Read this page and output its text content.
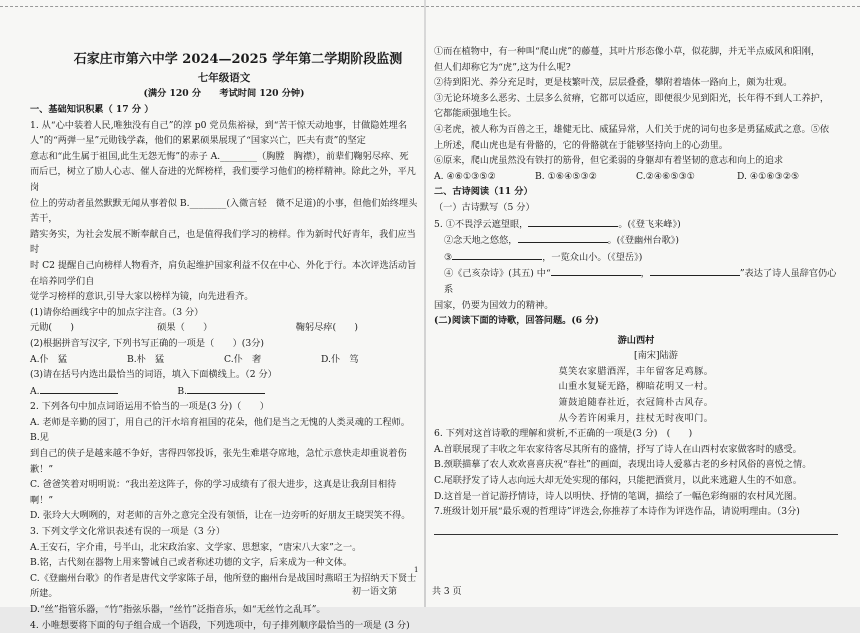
石家庄市第六中学 2024—2025 学年第二学期阶段监测
七年级语文
(满分 120 分　　考试时间 120 分钟)

一、基础知识积累（ 17 分 ）

1. 从“心中装着人民,唯独没有自己”的淳 p0 党员焦裕禄，到“苦干惊天动地事，甘做隐姓埋名

人”的“两弹一星”元勋钱学森，他们的累累硕果展现了“国家兴亡，匹夫有责”的坚定

意志和“此生属于祖国,此生无怨无悔”的赤子 A.________（胸膛　胸襟），前辈们鞠躬尽瘁、死

而后已，树立了励人心志、催人奋进的光辉榜样，我们要学习他们的榜样精神。除此之外，平凡岗

位上的劳动者虽然默默无闻从事着似 B.________(入微言轻　微不足道)的小事，但他们始终埋头苦干，

踏实务实，为社会发展不断奉献自己，也是值得我们学习的榜样。作为新时代好青年，我们应当时

时 C2 提醒自己向榜样人物看齐，肩负起维护国家利益不仅在中心、外化于行。本次评选活动旨在培养同学们自

觉学习榜样的意识,引导大家以榜样为镜，向先进看齐。

(1)请你给画线字中的加点字注音。（3 分）

元勋(　　)	硕果（　　）	鞠躬尽瘁(　　)

(2)根据拼音写汉字, 下列书写正确的一项是（　　）(3分)

A.仆　猛	B.朴　猛	C.仆　奢	D.仆　笃

(3)请在括号内选出最恰当的词语，填入下面横线上。（2 分）

A.	B.

2. 下列各句中加点词语运用不恰当的一项是(3 分)（　　）

A. 老师是辛勤的园丁，用自己的汗水培育祖国的花朵，他们是当之无愧的人类灵魂的工程师。B.见

到自己的侠子是越来越不争好，害得四邻投诉，张先生难堪夺席地，急忙示意快走却重说着伤歉！”

C. 爸爸笑着对明明说：“我出差这阵子，你的学习成绩有了很大进步，这真是让我刮目相待啊！”

D. 张玲大大咧咧的，对老师的言外之意完全没有领悟，让在一边旁听的好朋友王晓哭笑不得。

3. 下列文学文化常识表述有误的一项是（3 分）

A.王安石，字介甫，号半山，北宋政治家、文学家、思想家，“唐宋八大家”之一。

B.铭，古代刻在器物上用来警诫自己或者称述功德的文字，后来成为一种文体。

C.《登幽州台歌》的作者是唐代文学家陈子昂，他所登的幽州台是战国时燕昭王为招纳天下贤士

所建。

D.“丝”指管乐器，“竹”指弦乐器，“丝竹”泛指音乐，如“无丝竹之乱耳”。

4. 小唯想要将下面的句子组合成一个语段，下列选项中，句子排列顺序最恰当的一项是 (3 分)

①而在植物中，有一种叫“爬山虎”的藤蔓，其叶片形态像小草，似花脚，并无半点威风和阳刚，

但人们却称它为“虎”,这为什么呢?

②待到阳光、养分充足时，更是枝繁叶茂，层层叠叠，攀附着墙体一路向上，颇为壮观。

③无论环境多么恶劣、土层多么贫瘠，它都可以适应，即便很少见到阳光，长年得不到人工养护，

它都能顽强地生长。

④老虎，被人称为百兽之王，雄健无比、威猛异常，人们关于虎的词句也多是勇猛威武之意。⑤依

上所述，爬山虎也是有骨骼的，它的骨骼就在于能够坚持向上的心劲里。

⑥原来，爬山虎虽然没有铁打的筋骨，但它柔弱的身躯却有着坚韧的意志和向上的追求

A. ④⑥①③⑤②	B. ①⑥④⑤③②	C.②④⑥⑤③①	D. ④①⑥③②⑤

二、古诗阅读（11 分）

（一）古诗默写（5 分）

5. ①不畏浮云遮望眼，	。(《登飞来峰》)

②念天地之悠悠，	。(《登幽州台歌》)

③	，一览众山小。（《望岳》)

④《己亥杂诗》(其五) 中“	，	”表达了诗人虽辞官仍心系

国家，仍要为国效力的精神。

(二)阅读下面的诗歌，回答问题。(6 分)

游山西村

[南宋]陆游

莫笑农家腊酒浑，丰年留客足鸡豚。

山重水复疑无路，柳暗花明又一村。

箫鼓追随春社近，衣冠简朴古风存。

从今若许闲乘月，拄杖无时夜叩门。

6. 下列对这首诗歌的理解和赏析,不正确的一项是(3 分)　(　　)

A.首联展现了丰收之年农家待客尽其所有的盛情，抒写了诗人在山西村农家做客时的感受。

B.颈联描摹了农人欢欢喜喜庆祝“春社”的画面，表现出诗人爱慕古老的乡村风俗的喜悦之情。

C.尾联抒发了诗人志向远大却无处实现的郁闷，只能把酒赏月，以此来逃避人生的不如意。

D.这首是一首记游抒情诗，诗人以明快、抒情的笔调，描绘了一幅色彩绚丽的农村风光图。

7.班级计划开展“最乐观的哲理诗”评选会,你推荐了本诗作为评选作品，请说明理由。（3分)

初一语文第
1
共 3 页
